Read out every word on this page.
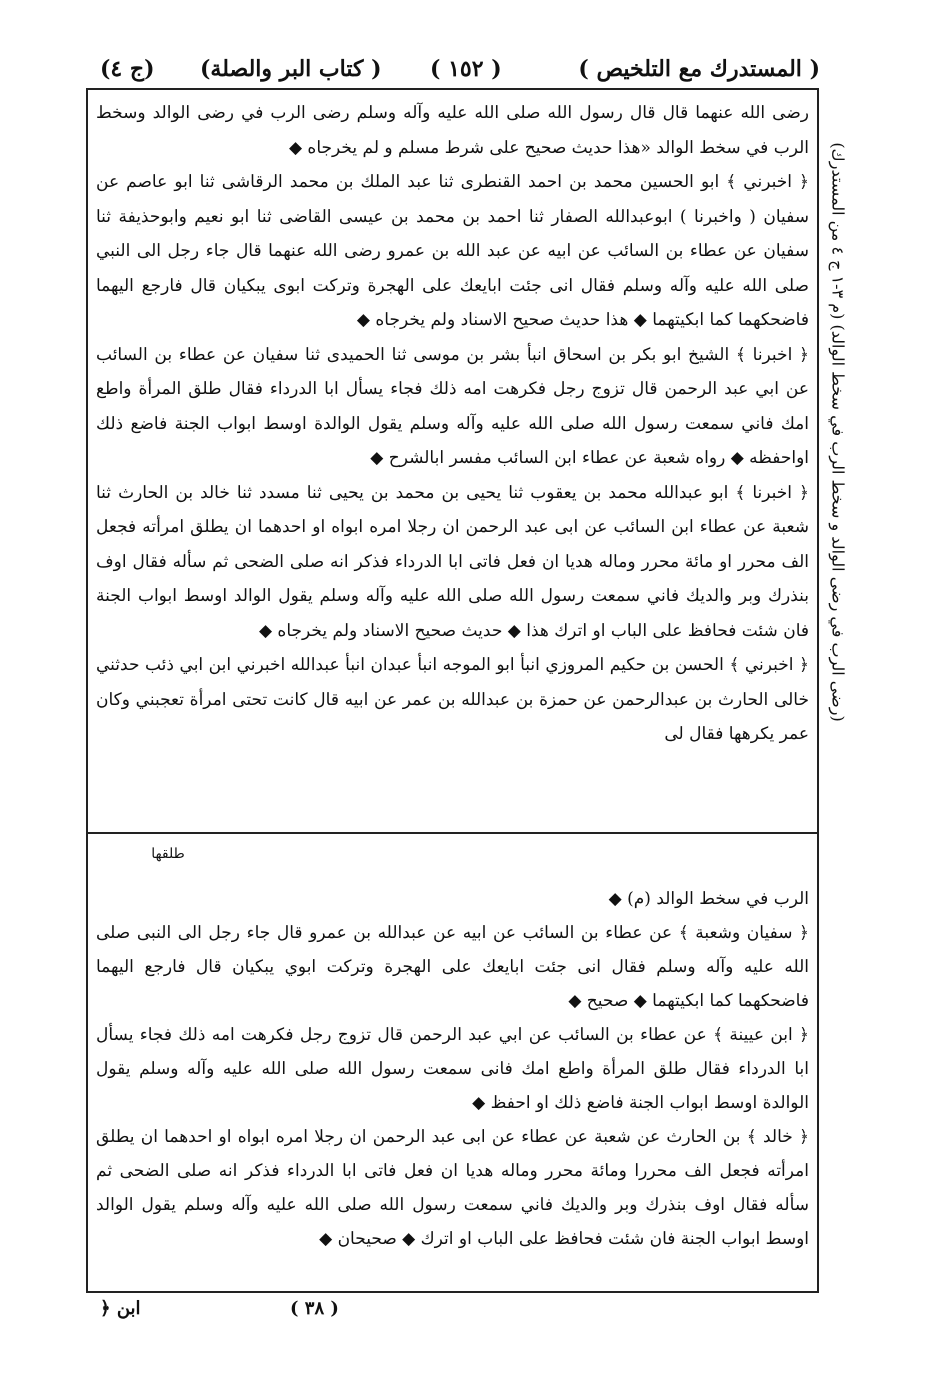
( المستدرك مع التلخيص )
( ١٥٢ )
(كتاب البر والصلة )
(ج ٤)

رضى الله عنهما قال قال رسول الله صلى الله عليه وآله وسلم رضى الرب في رضى الوالد وسخط الرب في سخط الوالد «هذا حديث صحيح على شرط مسلم و لم يخرجاه ◆

﴿ اخبرني ﴾ ابو الحسين محمد بن احمد القنطرى ثنا عبد الملك بن محمد الرقاشى ثنا ابو عاصم عن سفيان ( واخبرنا ) ابوعبدالله الصفار ثنا احمد بن محمد بن عيسى القاضى ثنا ابو نعيم وابوحذيفة ثنا سفيان عن عطاء بن السائب عن ابيه عن عبد الله بن عمرو رضى الله عنهما قال جاء رجل الى النبي صلى الله عليه وآله وسلم فقال انى جئت ابايعك على الهجرة وتركت ابوى يبكيان قال فارجع اليهما فاضحكهما كما ابكيتهما ◆ هذا حديث صحيح الاسناد ولم يخرجاه ◆

﴿ اخبرنا ﴾ الشيخ ابو بكر بن اسحاق انبأ بشر بن موسى ثنا الحميدى ثنا سفيان عن عطاء بن السائب عن ابي عبد الرحمن قال تزوج رجل فكرهت امه ذلك فجاء يسأل ابا الدرداء فقال طلق المرأة واطع امك فاني سمعت رسول الله صلى الله عليه وآله وسلم يقول الوالدة اوسط ابواب الجنة فاضع ذلك اواحفظه ◆ رواه شعبة عن عطاء ابن السائب مفسر ابالشرح ◆

﴿ اخبرنا ﴾ ابو عبدالله محمد بن يعقوب ثنا يحيى بن محمد بن يحيى ثنا مسدد ثنا خالد بن الحارث ثنا شعبة عن عطاء ابن السائب عن ابى عبد الرحمن ان رجلا امره ابواه او احدهما ان يطلق امرأته فجعل الف محرر او مائة محرر وماله هديا ان فعل فاتى ابا الدرداء فذكر انه صلى الضحى ثم سأله فقال اوف بنذرك وبر والديك فاني سمعت رسول الله صلى الله عليه وآله وسلم يقول الوالد اوسط ابواب الجنة فان شئت فحافظ على الباب او اترك هذا ◆ حديث صحيح الاسناد ولم يخرجاه ◆

﴿ اخبرني ﴾ الحسن بن حكيم المروزي انبأ ابو الموجه انبأ عبدان انبأ عبدالله اخبرني ابن ابي ذئب حدثني خالى الحارث بن عبدالرحمن عن حمزة بن عبدالله بن عمر عن ابيه قال كانت تحتى امرأة تعجبني وكان عمر يكرهها فقال لى

طلقها

الرب في سخط الوالد (م) ◆

﴿ سفيان وشعبة ﴾ عن عطاء بن السائب عن ابيه عن عبدالله بن عمرو قال جاء رجل الى النبى صلى الله عليه وآله وسلم فقال انى جئت ابايعك على الهجرة وتركت ابوي يبكيان قال فارجع اليهما فاضحكهما كما ابكيتهما ◆ صحيح ◆

﴿ ابن عيينة ﴾ عن عطاء بن السائب عن ابي عبد الرحمن قال تزوج رجل فكرهت امه ذلك فجاء يسأل ابا الدرداء فقال طلق المرأة واطع امك فانى سمعت رسول الله صلى الله عليه وآله وسلم يقول الوالدة اوسط ابواب الجنة فاضع ذلك او احفظ ◆

﴿ خالد ﴾ بن الحارث عن شعبة عن عطاء عن ابى عبد الرحمن ان رجلا امره ابواه او احدهما ان يطلق امرأته فجعل الف محررا ومائة محرر وماله هديا ان فعل فاتى ابا الدرداء فذكر انه صلى الضحى ثم سأله فقال اوف بنذرك وبر والديك فاني سمعت رسول الله صلى الله عليه وآله وسلم يقول الوالد اوسط ابواب الجنة فان شئت فحافظ على الباب او اترك ◆ صحيحان ◆

(رضى الرب في رضى الوالد و سخط الرب في سخط الوالد) (م ٣-١ ج ٤ من المستدرك)
( ٣٨ )
﴿ ابن
